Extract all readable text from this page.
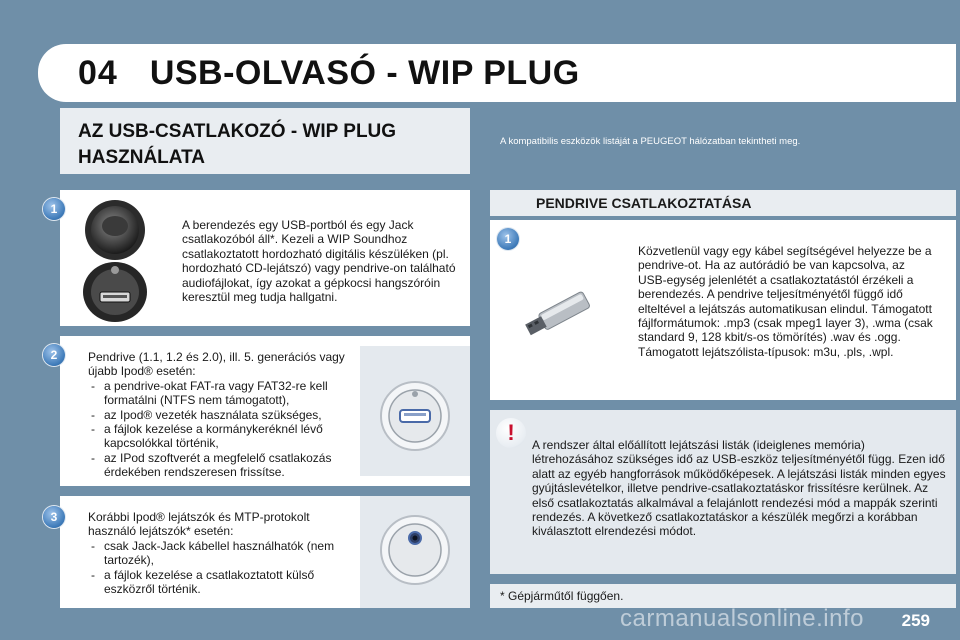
04 USB-OLVASÓ - WIP PLUG
AZ USB-CSATLAKOZÓ - WIP PLUG
HASZNÁLATA
A kompatibilis eszközök listáját a PEUGEOT hálózatban tekintheti meg.
A berendezés egy USB-portból és egy Jack csatlakozóból áll*. Kezeli a WIP Soundhoz csatlakoztatott hordozható digitális készüléken (pl. hordozható CD-lejátszó) vagy pendrive-on található audiofájlokat, így azokat a gépkocsi hangszóróin keresztül meg tudja hallgatni.
1
Pendrive (1.1, 1.2 és 2.0), ill. 5. generációs vagy újabb Ipod® esetén:
- a pendrive-okat FAT-ra vagy FAT32-re kell formatálni (NTFS nem támogatott),
- az Ipod® vezeték használata szükséges,
- a fájlok kezelése a kormánykeréknél lévő kapcsolókkal történik,
- az IPod szoftverét a megfelelő csatlakozás érdekében rendszeresen frissítse.
2
Korábbi Ipod® lejátszók és MTP-protokolt használó lejátszók* esetén:
- csak Jack-Jack kábellel használhatók (nem tartozék),
- a fájlok kezelése a csatlakoztatott külső eszközről történik.
3
PENDRIVE CSATLAKOZTATÁSA
Közvetlenül vagy egy kábel segítségével helyezze be a pendrive-ot. Ha az autórádió be van kapcsolva, az USB-egység jelenlétét a csatlakoztatástól érzékeli a berendezés. A pendrive teljesítményétől függő idő elteltével a lejátszás automatikusan elindul. Támogatott fájlformátumok: .mp3 (csak mpeg1 layer 3), .wma (csak standard 9, 128 kbit/s-os tömörítés) .wav és .ogg. Támogatott lejátszólista-típusok: m3u, .pls, .wpl.
1
A rendszer által előállított lejátszási listák (ideiglenes memória) létrehozásához szükséges idő az USB-eszköz teljesítményétől függ. Ezen idő alatt az egyéb hangforrások működőképesek. A lejátszási listák minden egyes gyújtáslevételkor, illetve pendrive-csatlakoztatáskor frissítésre kerülnek. Az első csatlakoztatás alkalmával a felajánlott rendezési mód a mappák szerinti rendezés. A következő csatlakoztatáskor a készülék megőrzi a korábban kiválasztott elrendezési módot.
!
* Gépjárműtől függően.
carmanualsonline.info 259
